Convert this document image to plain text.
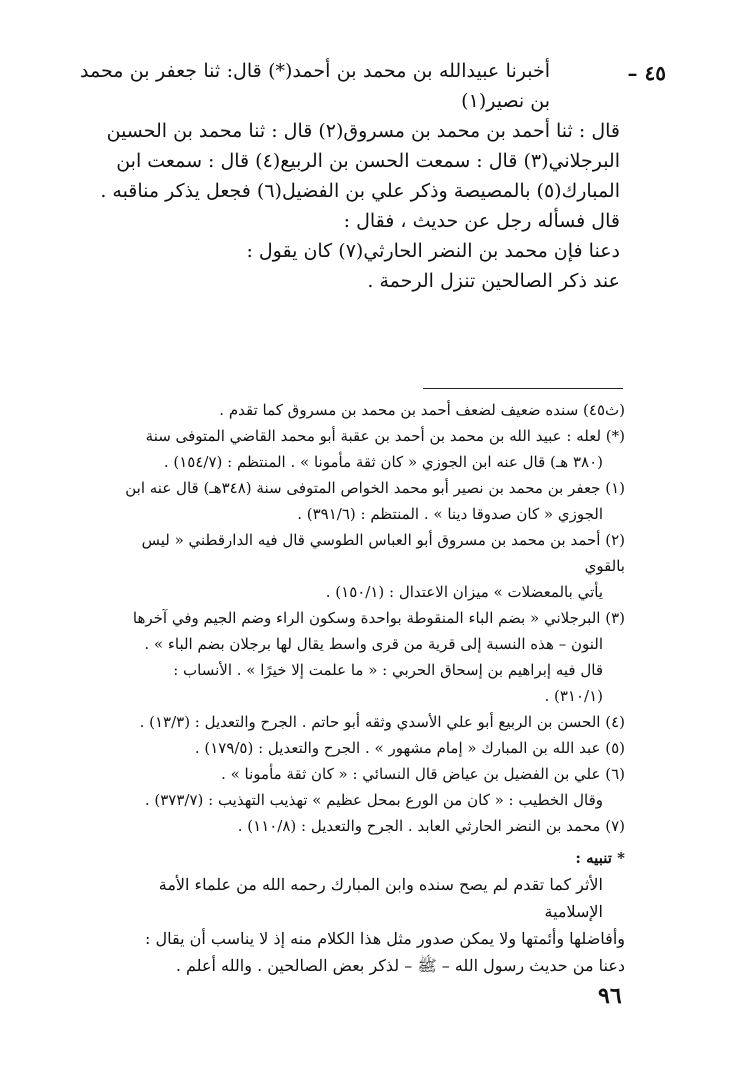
٤٥ –

أخبرنا عبيدالله بن محمد بن أحمد(*) قال: ثنا جعفر بن محمد بن نصير(١)

قال : ثنا أحمد بن محمد بن مسروق(٢) قال : ثنا محمد بن الحسين

البرجلاني(٣) قال : سمعت الحسن بن الربيع(٤) قال : سمعت ابن

المبارك(٥) بالمصيصة وذكر علي بن الفضيل(٦) فجعل يذكر مناقبه .

قال فسأله رجل عن حديث ، فقال :

دعنا فإن محمد بن النضر الحارثي(٧) كان يقول :

عند ذكر الصالحين تنزل الرحمة .

(ث٤٥) سنده ضعيف لضعف أحمد بن محمد بن مسروق كما تقدم .

(*) لعله : عبيد الله بن محمد بن أحمد بن عقبة أبو محمد القاضي المتوفى سنة

(٣٨٠ هـ) قال عنه ابن الجوزي « كان ثقة مأمونا » . المنتظم : (١٥٤/٧) .

(١) جعفر بن محمد بن نصير أبو محمد الخواص المتوفى سنة (٣٤٨هـ) قال عنه ابن

الجوزي « كان صدوقا دينا » . المنتظم : (٣٩١/٦) .

(٢) أحمد بن محمد بن مسروق أبو العباس الطوسي قال فيه الدارقطني « ليس بالقوي

يأتي بالمعضلات » ميزان الاعتدال : (١٥٠/١) .

(٣) البرجلاني « بضم الباء المنقوطة بواحدة وسكون الراء وضم الجيم وفي آخرها

النون – هذه النسبة إلى قرية من قرى واسط يقال لها برجلان بضم الباء » .

قال فيه إبراهيم بن إسحاق الحربي : « ما علمت إلا خيرًا » . الأنساب :

(٣١٠/١) .

(٤) الحسن بن الربيع أبو علي الأسدي وثقه أبو حاتم . الجرح والتعديل : (١٣/٣) .

(٥) عبد الله بن المبارك « إمام مشهور » . الجرح والتعديل : (١٧٩/٥) .

(٦) علي بن الفضيل بن عياض قال النسائي : « كان ثقة مأمونا » .

وقال الخطيب : « كان من الورع بمحل عظيم » تهذيب التهذيب : (٣٧٣/٧) .

(٧) محمد بن النضر الحارثي العابد . الجرح والتعديل : (١١٠/٨) .

* تنبيه :

الأثر كما تقدم لم يصح سنده وابن المبارك رحمه الله من علماء الأمة الإسلامية

وأفاضلها وأئمتها ولا يمكن صدور مثل هذا الكلام منه إذ لا يناسب أن يقال :

دعنا من حديث رسول الله – ﷺ – لذكر بعض الصالحين . والله أعلم .

٩٦
